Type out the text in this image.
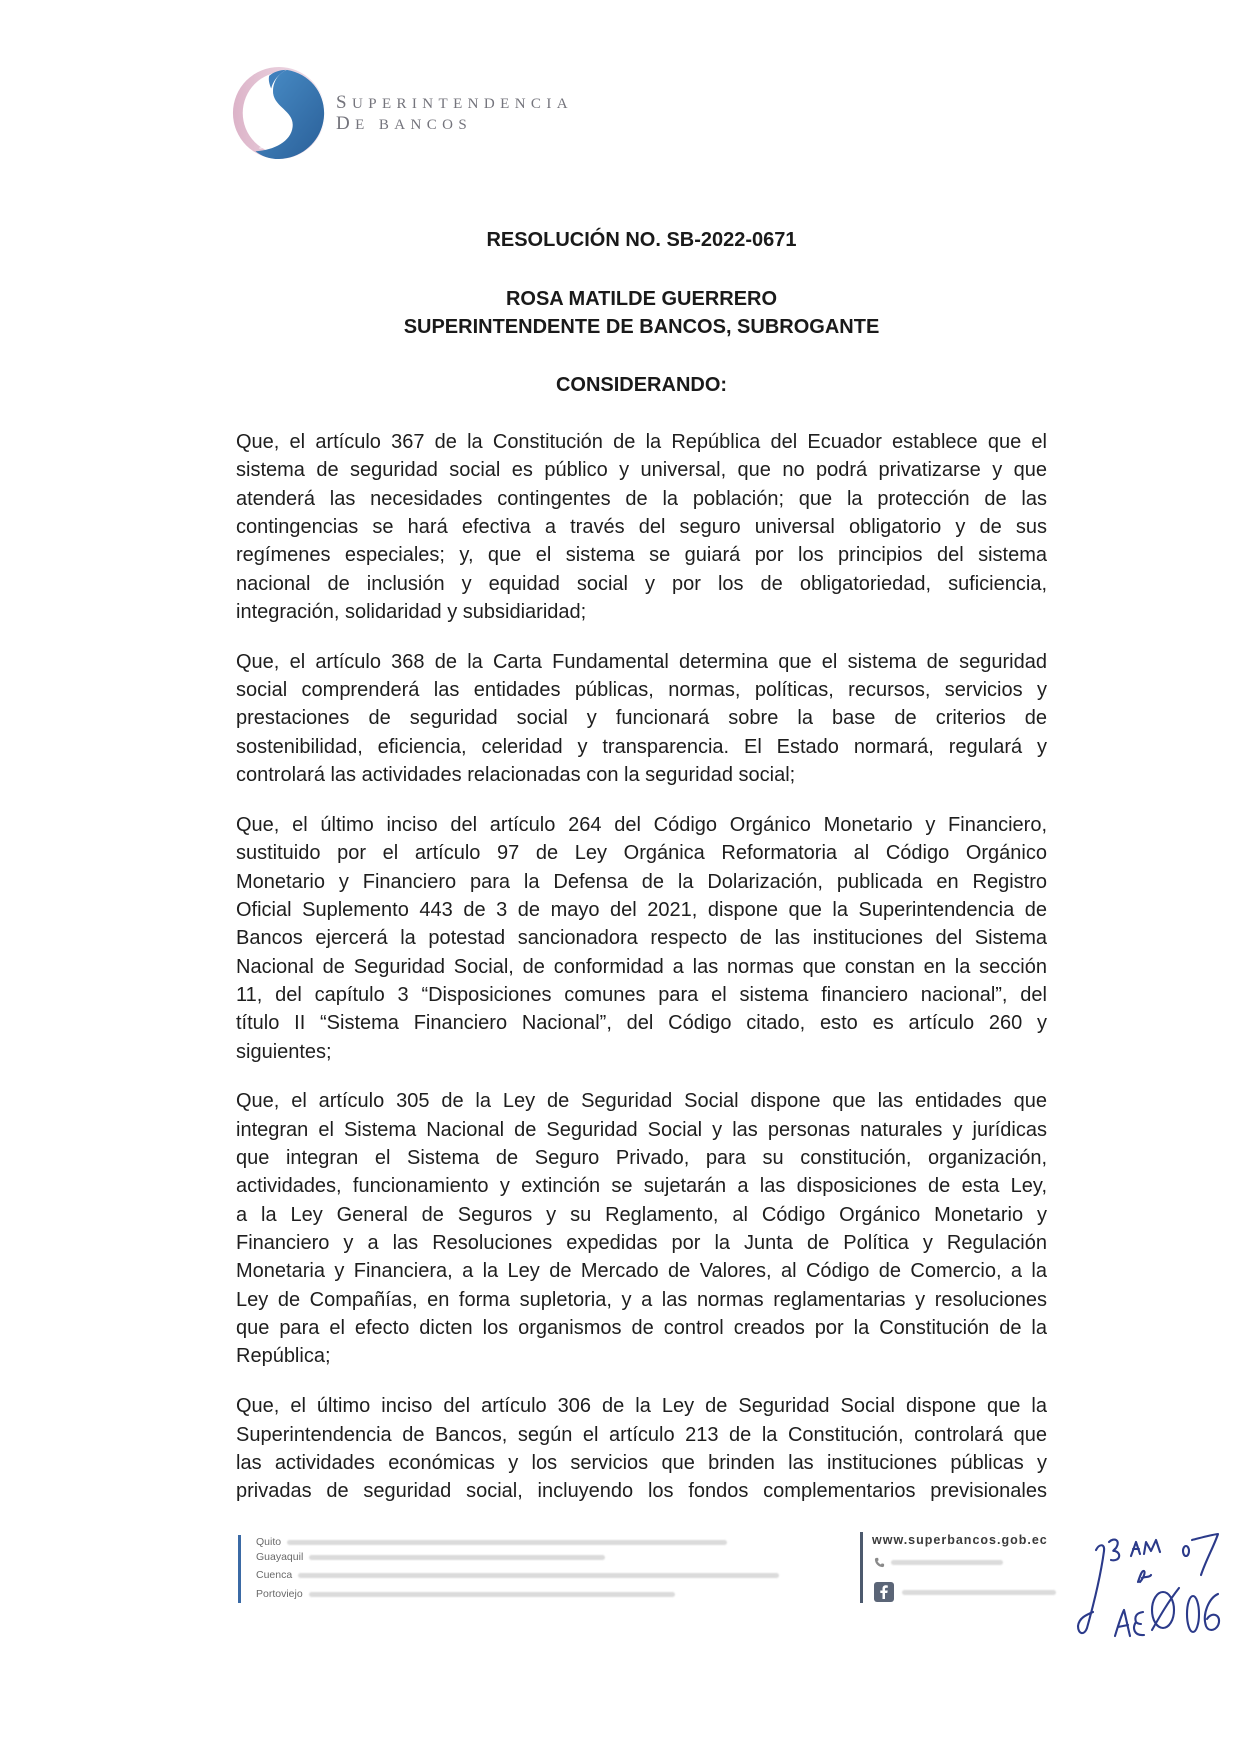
SUPERINTENDENCIA
DE BANCOS
RESOLUCIÓN NO. SB-2022-0671
ROSA MATILDE GUERRERO
SUPERINTENDENTE DE BANCOS, SUBROGANTE
CONSIDERANDO:
Que, el artículo 367 de la Constitución de la República del Ecuador establece que el
sistema de seguridad social es público y universal, que no podrá privatizarse y que
atenderá las necesidades contingentes de la población; que la protección de las
contingencias se hará efectiva a través del seguro universal obligatorio y de sus
regímenes especiales; y, que el sistema se guiará por los principios del sistema
nacional de inclusión y equidad social y por los de obligatoriedad, suficiencia,
integración, solidaridad y subsidiaridad;
Que, el artículo 368 de la Carta Fundamental determina que el sistema de seguridad
social comprenderá las entidades públicas, normas, políticas, recursos, servicios y
prestaciones de seguridad social y funcionará sobre la base de criterios de
sostenibilidad, eficiencia, celeridad y transparencia. El Estado normará, regulará y
controlará las actividades relacionadas con la seguridad social;
Que, el último inciso del artículo 264 del Código Orgánico Monetario y Financiero,
sustituido por el artículo 97 de Ley Orgánica Reformatoria al Código Orgánico
Monetario y Financiero para la Defensa de la Dolarización, publicada en Registro
Oficial Suplemento 443 de 3 de mayo del 2021, dispone que la Superintendencia de
Bancos ejercerá la potestad sancionadora respecto de las instituciones del Sistema
Nacional de Seguridad Social, de conformidad a las normas que constan en la sección
11, del capítulo 3 “Disposiciones comunes para el sistema financiero nacional”, del
título II “Sistema Financiero Nacional”, del Código citado, esto es artículo 260 y
siguientes;
Que, el artículo 305 de la Ley de Seguridad Social dispone que las entidades que
integran el Sistema Nacional de Seguridad Social y las personas naturales y jurídicas
que integran el Sistema de Seguro Privado, para su constitución, organización,
actividades, funcionamiento y extinción se sujetarán a las disposiciones de esta Ley,
a la Ley General de Seguros y su Reglamento, al Código Orgánico Monetario y
Financiero y a las Resoluciones expedidas por la Junta de Política y Regulación
Monetaria y Financiera, a la Ley de Mercado de Valores, al Código de Comercio, a la
Ley de Compañías, en forma supletoria, y a las normas reglamentarias y resoluciones
que para el efecto dicten los organismos de control creados por la Constitución de la
República;
Que, el último inciso del artículo 306 de la Ley de Seguridad Social dispone que la
Superintendencia de Bancos, según el artículo 213 de la Constitución, controlará que
las actividades económicas y los servicios que brinden las instituciones públicas y
privadas de seguridad social, incluyendo los fondos complementarios previsionales
Quito
Guayaquil
Cuenca
Portoviejo
www.superbancos.gob.ec
